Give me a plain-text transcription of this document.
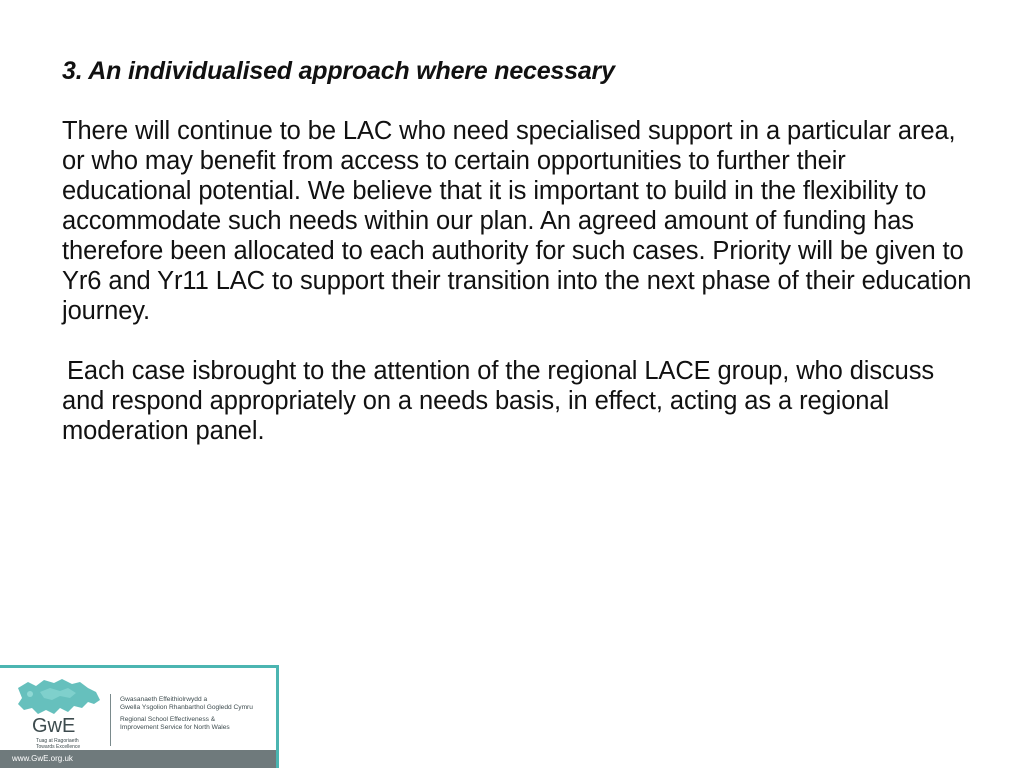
3. An individualised approach where necessary

There will continue to be LAC who need specialised support in a particular area, or who may benefit from access to certain opportunities to further their educational potential. We believe that it is important to build in the flexibility to accommodate such needs within our plan. An agreed amount of funding has therefore been allocated to each authority for such cases. Priority will be given to Yr6 and Yr11 LAC to support their transition into the next phase of their education journey.

Each case isbrought to the attention of the regional LACE group, who discuss and respond appropriately on a needs basis, in effect, acting as a regional moderation panel.

GwE
Tuag at Ragoriaeth
Towards Excellence
Gwasanaeth Effeithiolrwydd a
Gwella Ysgolion Rhanbarthol Gogledd Cymru
Regional School Effectiveness &
Improvement Service for North Wales
www.GwE.org.uk
